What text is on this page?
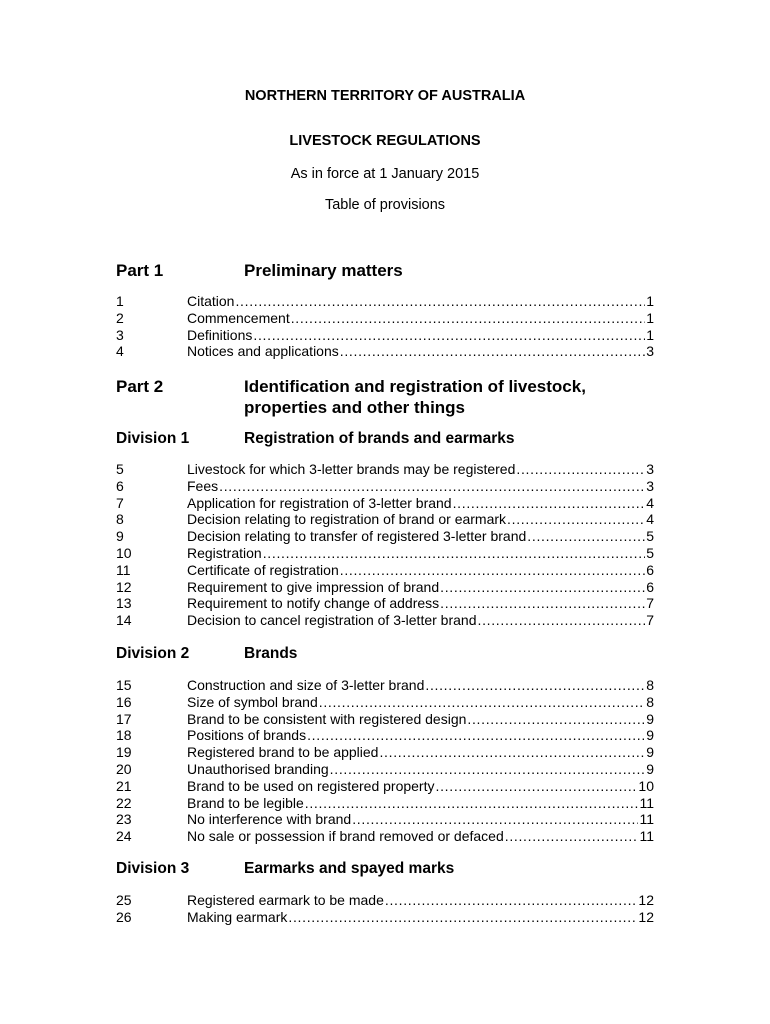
NORTHERN TERRITORY OF AUSTRALIA
LIVESTOCK REGULATIONS
As in force at 1 January 2015
Table of provisions
Part 1	Preliminary matters
1	Citation . . .	1
2	Commencement . . .	1
3	Definitions . . .	1
4	Notices and applications . . .	3
Part 2	Identification and registration of livestock,
properties and other things
Division 1	Registration of brands and earmarks
5	Livestock for which 3-letter brands may be registered . . .	3
6	Fees . . .	3
7	Application for registration of 3-letter brand . . .	4
8	Decision relating to registration of brand or earmark . . .	4
9	Decision relating to transfer of registered 3-letter brand . . .	5
10	Registration . . .	5
11	Certificate of registration . . .	6
12	Requirement to give impression of brand . . .	6
13	Requirement to notify change of address . . .	7
14	Decision to cancel registration of 3-letter brand . . .	7
Division 2	Brands
15	Construction and size of 3-letter brand . . .	8
16	Size of symbol brand . . .	8
17	Brand to be consistent with registered design . . .	9
18	Positions of brands . . .	9
19	Registered brand to be applied . . .	9
20	Unauthorised branding . . .	9
21	Brand to be used on registered property . . .	10
22	Brand to be legible . . .	11
23	No interference with brand . . .	11
24	No sale or possession if brand removed or defaced . . .	11
Division 3	Earmarks and spayed marks
25	Registered earmark to be made . . .	12
26	Making earmark . . .	12
